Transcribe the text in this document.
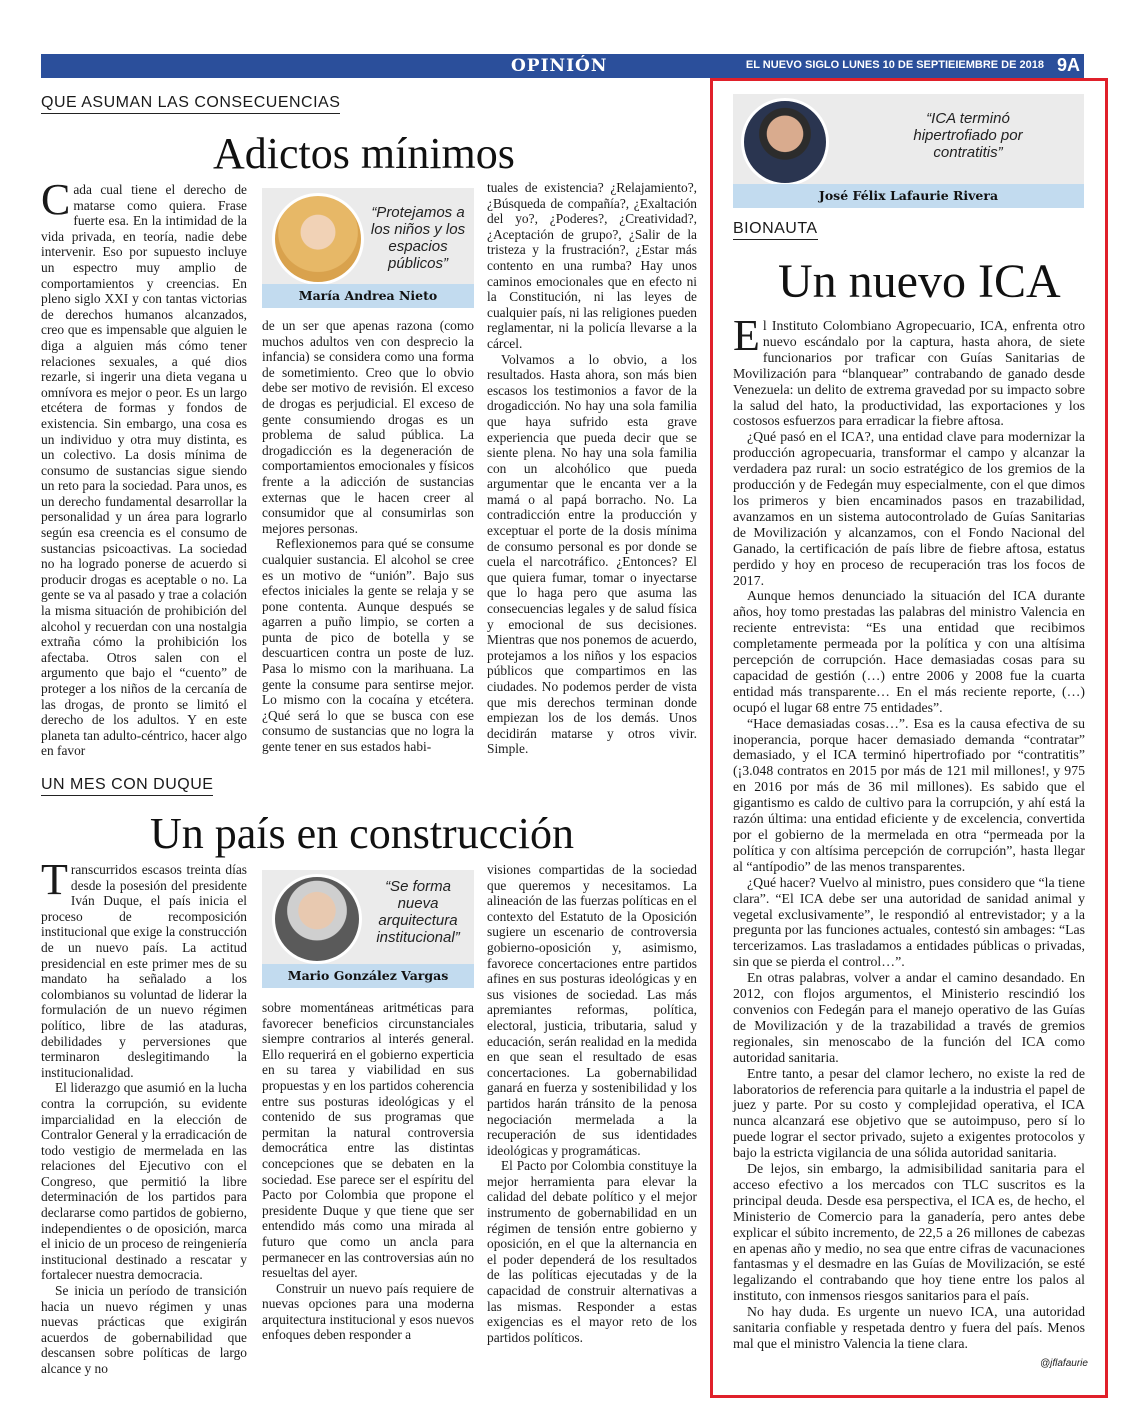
OPINIÓN	EL NUEVO SIGLO LUNES 10 DE SEPTIEIEMBRE DE 2018 9A
QUE ASUMAN LAS CONSECUENCIAS
Adictos mínimos

Cada cual tiene el derecho de matarse como quiera. Frase fuerte esa. En la intimidad de la vida privada, en teoría, nadie debe intervenir. Eso por supuesto incluye un espectro muy amplio de comportamientos y creencias. En pleno siglo XXI y con tantas victorias de derechos humanos alcanzados, creo que es impensable que alguien le diga a alguien más cómo tener relaciones sexuales, a qué dios rezarle, si ingerir una dieta vegana u omnívora es mejor o peor. Es un largo etcétera de formas y fondos de existencia. Sin embargo, una cosa es un individuo y otra muy distinta, es un colectivo. La dosis mínima de consumo de sustancias sigue siendo un reto para la sociedad. Para unos, es un derecho fundamental desarrollar la personalidad y un área para lograrlo según esa creencia es el consumo de sustancias psicoactivas. La sociedad no ha logrado ponerse de acuerdo si producir drogas es aceptable o no. La gente se va al pasado y trae a colación la misma situación de prohibición del alcohol y recuerdan con una nostalgia extraña cómo la prohibición los afectaba. Otros salen con el argumento que bajo el “cuento” de proteger a los niños de la cercanía de las drogas, de pronto se limitó el derecho de los adultos. Y en este planeta tan adulto-céntrico, hacer algo en favor

“Protejamos a los niños y los espacios públicos”
María Andrea Nieto

de un ser que apenas razona (como muchos adultos ven con desprecio la infancia) se considera como una forma de sometimiento. Creo que lo obvio debe ser motivo de revisión. El exceso de drogas es perjudicial. El exceso de gente consumiendo drogas es un problema de salud pública. La drogadicción es la degeneración de comportamientos emocionales y físicos frente a la adicción de sustancias externas que le hacen creer al consumidor que al consumirlas son mejores personas.

Reflexionemos para qué se consume cualquier sustancia. El alcohol se cree es un motivo de “unión”. Bajo sus efectos iniciales la gente se relaja y se pone contenta. Aunque después se agarren a puño limpio, se corten a punta de pico de botella y se descuarticen contra un poste de luz. Pasa lo mismo con la marihuana. La gente la consume para sentirse mejor. Lo mismo con la cocaína y etcétera. ¿Qué será lo que se busca con ese consumo de sustancias que no logra la gente tener en sus estados habi-

tuales de existencia? ¿Relajamiento?, ¿Búsqueda de compañía?, ¿Exaltación del yo?, ¿Poderes?, ¿Creatividad?, ¿Aceptación de grupo?, ¿Salir de la tristeza y la frustración?, ¿Estar más contento en una rumba? Hay unos caminos emocionales que en efecto ni la Constitución, ni las leyes de cualquier país, ni las religiones pueden reglamentar, ni la policía llevarse a la cárcel.

Volvamos a lo obvio, a los resultados. Hasta ahora, son más bien escasos los testimonios a favor de la drogadicción. No hay una sola familia que haya sufrido esta grave experiencia que pueda decir que se siente plena. No hay una sola familia con un alcohólico que pueda argumentar que le encanta ver a la mamá o al papá borracho. No. La contradicción entre la producción y exceptuar el porte de la dosis mínima de consumo personal es por donde se cuela el narcotráfico. ¿Entonces? El que quiera fumar, tomar o inyectarse que lo haga pero que asuma las consecuencias legales y de salud física y emocional de sus decisiones. Mientras que nos ponemos de acuerdo, protejamos a los niños y los espacios públicos que compartimos en las ciudades. No podemos perder de vista que mis derechos terminan donde empiezan los de los demás. Unos decidirán matarse y otros vivir. Simple.

UN MES CON DUQUE
Un país en construcción

Transcurridos escasos treinta días desde la posesión del presidente Iván Duque, el país inicia el proceso de recomposición institucional que exige la construcción de un nuevo país. La actitud presidencial en este primer mes de su mandato ha señalado a los colombianos su voluntad de liderar la formulación de un nuevo régimen político, libre de las ataduras, debilidades y perversiones que terminaron deslegitimando la institucionalidad.

El liderazgo que asumió en la lucha contra la corrupción, su evidente imparcialidad en la elección de Contralor General y la erradicación de todo vestigio de mermelada en las relaciones del Ejecutivo con el Congreso, que permitió la libre determinación de los partidos para declararse como partidos de gobierno, independientes o de oposición, marca el inicio de un proceso de reingeniería institucional destinado a rescatar y fortalecer nuestra democracia.

Se inicia un período de transición hacia un nuevo régimen y unas nuevas prácticas que exigirán acuerdos de gobernabilidad que descansen sobre políticas de largo alcance y no

“Se forma nueva arquitectura institucional”
Mario González Vargas

sobre momentáneas aritméticas para favorecer beneficios circunstanciales siempre contrarios al interés general. Ello requerirá en el gobierno experticia en su tarea y viabilidad en sus propuestas y en los partidos coherencia entre sus posturas ideológicas y el contenido de sus programas que permitan la natural controversia democrática entre las distintas concepciones que se debaten en la sociedad. Ese parece ser el espíritu del Pacto por Colombia que propone el presidente Duque y que tiene que ser entendido más como una mirada al futuro que como un ancla para permanecer en las controversias aún no resueltas del ayer.

Construir un nuevo país requiere de nuevas opciones para una moderna arquitectura institucional y esos nuevos enfoques deben responder a

visiones compartidas de la sociedad que queremos y necesitamos. La alineación de las fuerzas políticas en el contexto del Estatuto de la Oposición sugiere un escenario de controversia gobierno-oposición y, asimismo, favorece concertaciones entre partidos afines en sus posturas ideológicas y en sus visiones de sociedad. Las más apremiantes reformas, política, electoral, justicia, tributaria, salud y educación, serán realidad en la medida en que sean el resultado de esas concertaciones. La gobernabilidad ganará en fuerza y sostenibilidad y los partidos harán tránsito de la penosa negociación mermelada a la recuperación de sus identidades ideológicas y programáticas.

El Pacto por Colombia constituye la mejor herramienta para elevar la calidad del debate político y el mejor instrumento de gobernabilidad en un régimen de tensión entre gobierno y oposición, en el que la alternancia en el poder dependerá de los resultados de las políticas ejecutadas y de la capacidad de construir alternativas a las mismas. Responder a estas exigencias es el mayor reto de los partidos políticos.

“ICA terminó hipertrofiado por contratitis”
José Félix Lafaurie Rivera
BIONAUTA
Un nuevo ICA

El Instituto Colombiano Agropecuario, ICA, enfrenta otro nuevo escándalo por la captura, hasta ahora, de siete funcionarios por traficar con Guías Sanitarias de Movilización para “blanquear” contrabando de ganado desde Venezuela: un delito de extrema gravedad por su impacto sobre la salud del hato, la productividad, las exportaciones y los costosos esfuerzos para erradicar la fiebre aftosa.

¿Qué pasó en el ICA?, una entidad clave para modernizar la producción agropecuaria, transformar el campo y alcanzar la verdadera paz rural: un socio estratégico de los gremios de la producción y de Fedegán muy especialmente, con el que dimos los primeros y bien encaminados pasos en trazabilidad, avanzamos en un sistema autocontrolado de Guías Sanitarias de Movilización y alcanzamos, con el Fondo Nacional del Ganado, la certificación de país libre de fiebre aftosa, estatus perdido y hoy en proceso de recuperación tras los focos de 2017.

Aunque hemos denunciado la situación del ICA durante años, hoy tomo prestadas las palabras del ministro Valencia en reciente entrevista: “Es una entidad que recibimos completamente permeada por la política y con una altísima percepción de corrupción. Hace demasiadas cosas para su capacidad de gestión (…) entre 2006 y 2008 fue la cuarta entidad más transparente… En el más reciente reporte, (…) ocupó el lugar 68 entre 75 entidades”.

“Hace demasiadas cosas…”. Esa es la causa efectiva de su inoperancia, porque hacer demasiado demanda “contratar” demasiado, y el ICA terminó hipertrofiado por “contratitis” (¡3.048 contratos en 2015 por más de 121 mil millones!, y 975 en 2016 por más de 36 mil millones). Es sabido que el gigantismo es caldo de cultivo para la corrupción, y ahí está la razón última: una entidad eficiente y de excelencia, convertida por el gobierno de la mermelada en otra “permeada por la política y con altísima percepción de corrupción”, hasta llegar al “antípodio” de las menos transparentes.

¿Qué hacer? Vuelvo al ministro, pues considero que “la tiene clara”. “El ICA debe ser una autoridad de sanidad animal y vegetal exclusivamente”, le respondió al entrevistador; y a la pregunta por las funciones actuales, contestó sin ambages: “Las tercerizamos. Las trasladamos a entidades públicas o privadas, sin que se pierda el control…”.

En otras palabras, volver a andar el camino desandado. En 2012, con flojos argumentos, el Ministerio rescindió los convenios con Fedegán para el manejo operativo de las Guías de Movilización y de la trazabilidad a través de gremios regionales, sin menoscabo de la función del ICA como autoridad sanitaria.

Entre tanto, a pesar del clamor lechero, no existe la red de laboratorios de referencia para quitarle a la industria el papel de juez y parte. Por su costo y complejidad operativa, el ICA nunca alcanzará ese objetivo que se autoimpuso, pero sí lo puede lograr el sector privado, sujeto a exigentes protocolos y bajo la estricta vigilancia de una sólida autoridad sanitaria.

De lejos, sin embargo, la admisibilidad sanitaria para el acceso efectivo a los mercados con TLC suscritos es la principal deuda. Desde esa perspectiva, el ICA es, de hecho, el Ministerio de Comercio para la ganadería, pero antes debe explicar el súbito incremento, de 22,5 a 26 millones de cabezas en apenas año y medio, no sea que entre cifras de vacunaciones fantasmas y el desmadre en las Guías de Movilización, se esté legalizando el contrabando que hoy tiene entre los palos al instituto, con inmensos riesgos sanitarios para el país.

No hay duda. Es urgente un nuevo ICA, una autoridad sanitaria confiable y respetada dentro y fuera del país. Menos mal que el ministro Valencia la tiene clara.

@jflafaurie
